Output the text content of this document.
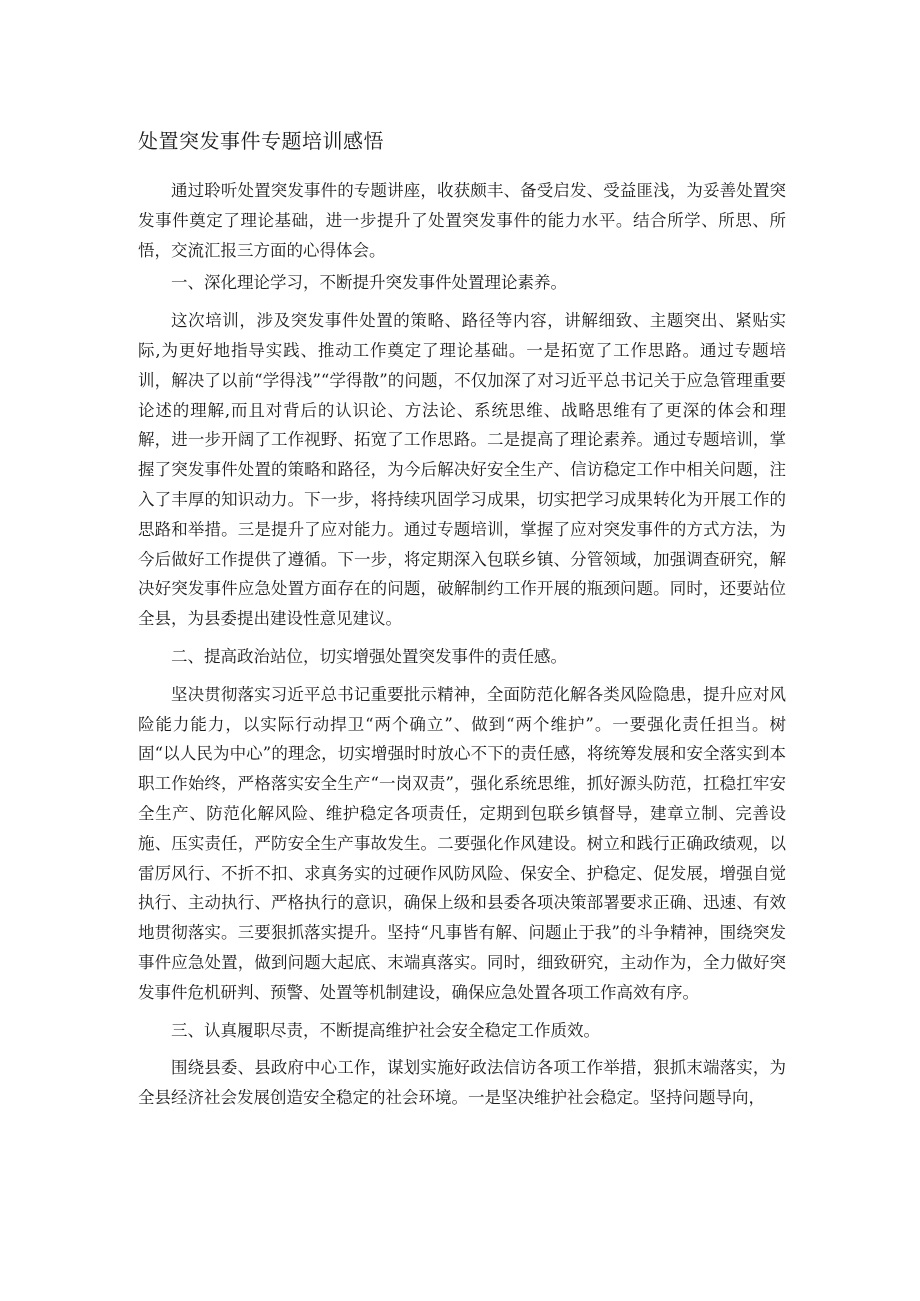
处置突发事件专题培训感悟

通过聆听处置突发事件的专题讲座，收获颇丰、备受启发、受益匪浅，为妥善处置突发事件奠定了理论基础，进一步提升了处置突发事件的能力水平。结合所学、所思、所悟，交流汇报三方面的心得体会。

一、深化理论学习，不断提升突发事件处置理论素养。

这次培训，涉及突发事件处置的策略、路径等内容，讲解细致、主题突出、紧贴实际,为更好地指导实践、推动工作奠定了理论基础。一是拓宽了工作思路。通过专题培训，解决了以前“学得浅”“学得散”的问题，不仅加深了对习近平总书记关于应急管理重要论述的理解,而且对背后的认识论、方法论、系统思维、战略思维有了更深的体会和理解，进一步开阔了工作视野、拓宽了工作思路。二是提高了理论素养。通过专题培训，掌握了突发事件处置的策略和路径，为今后解决好安全生产、信访稳定工作中相关问题，注入了丰厚的知识动力。下一步，将持续巩固学习成果，切实把学习成果转化为开展工作的思路和举措。三是提升了应对能力。通过专题培训，掌握了应对突发事件的方式方法，为今后做好工作提供了遵循。下一步，将定期深入包联乡镇、分管领域，加强调查研究，解决好突发事件应急处置方面存在的问题，破解制约工作开展的瓶颈问题。同时，还要站位全县，为县委提出建设性意见建议。

二、提高政治站位，切实增强处置突发事件的责任感。

坚决贯彻落实习近平总书记重要批示精神，全面防范化解各类风险隐患，提升应对风险能力能力，以实际行动捍卫“两个确立”、做到“两个维护”。一要强化责任担当。树固“以人民为中心”的理念，切实增强时时放心不下的责任感，将统筹发展和安全落实到本职工作始终，严格落实安全生产“一岗双责”，强化系统思维，抓好源头防范，扛稳扛牢安全生产、防范化解风险、维护稳定各项责任，定期到包联乡镇督导，建章立制、完善设施、压实责任，严防安全生产事故发生。二要强化作风建设。树立和践行正确政绩观，以雷厉风行、不折不扣、求真务实的过硬作风防风险、保安全、护稳定、促发展，增强自觉执行、主动执行、严格执行的意识，确保上级和县委各项决策部署要求正确、迅速、有效地贯彻落实。三要狠抓落实提升。坚持“凡事皆有解、问题止于我”的斗争精神，围绕突发事件应急处置，做到问题大起底、末端真落实。同时，细致研究，主动作为，全力做好突发事件危机研判、预警、处置等机制建设，确保应急处置各项工作高效有序。

三、认真履职尽责，不断提高维护社会安全稳定工作质效。

围绕县委、县政府中心工作，谋划实施好政法信访各项工作举措，狠抓末端落实，为全县经济社会发展创造安全稳定的社会环境。一是坚决维护社会稳定。坚持问题导向，
